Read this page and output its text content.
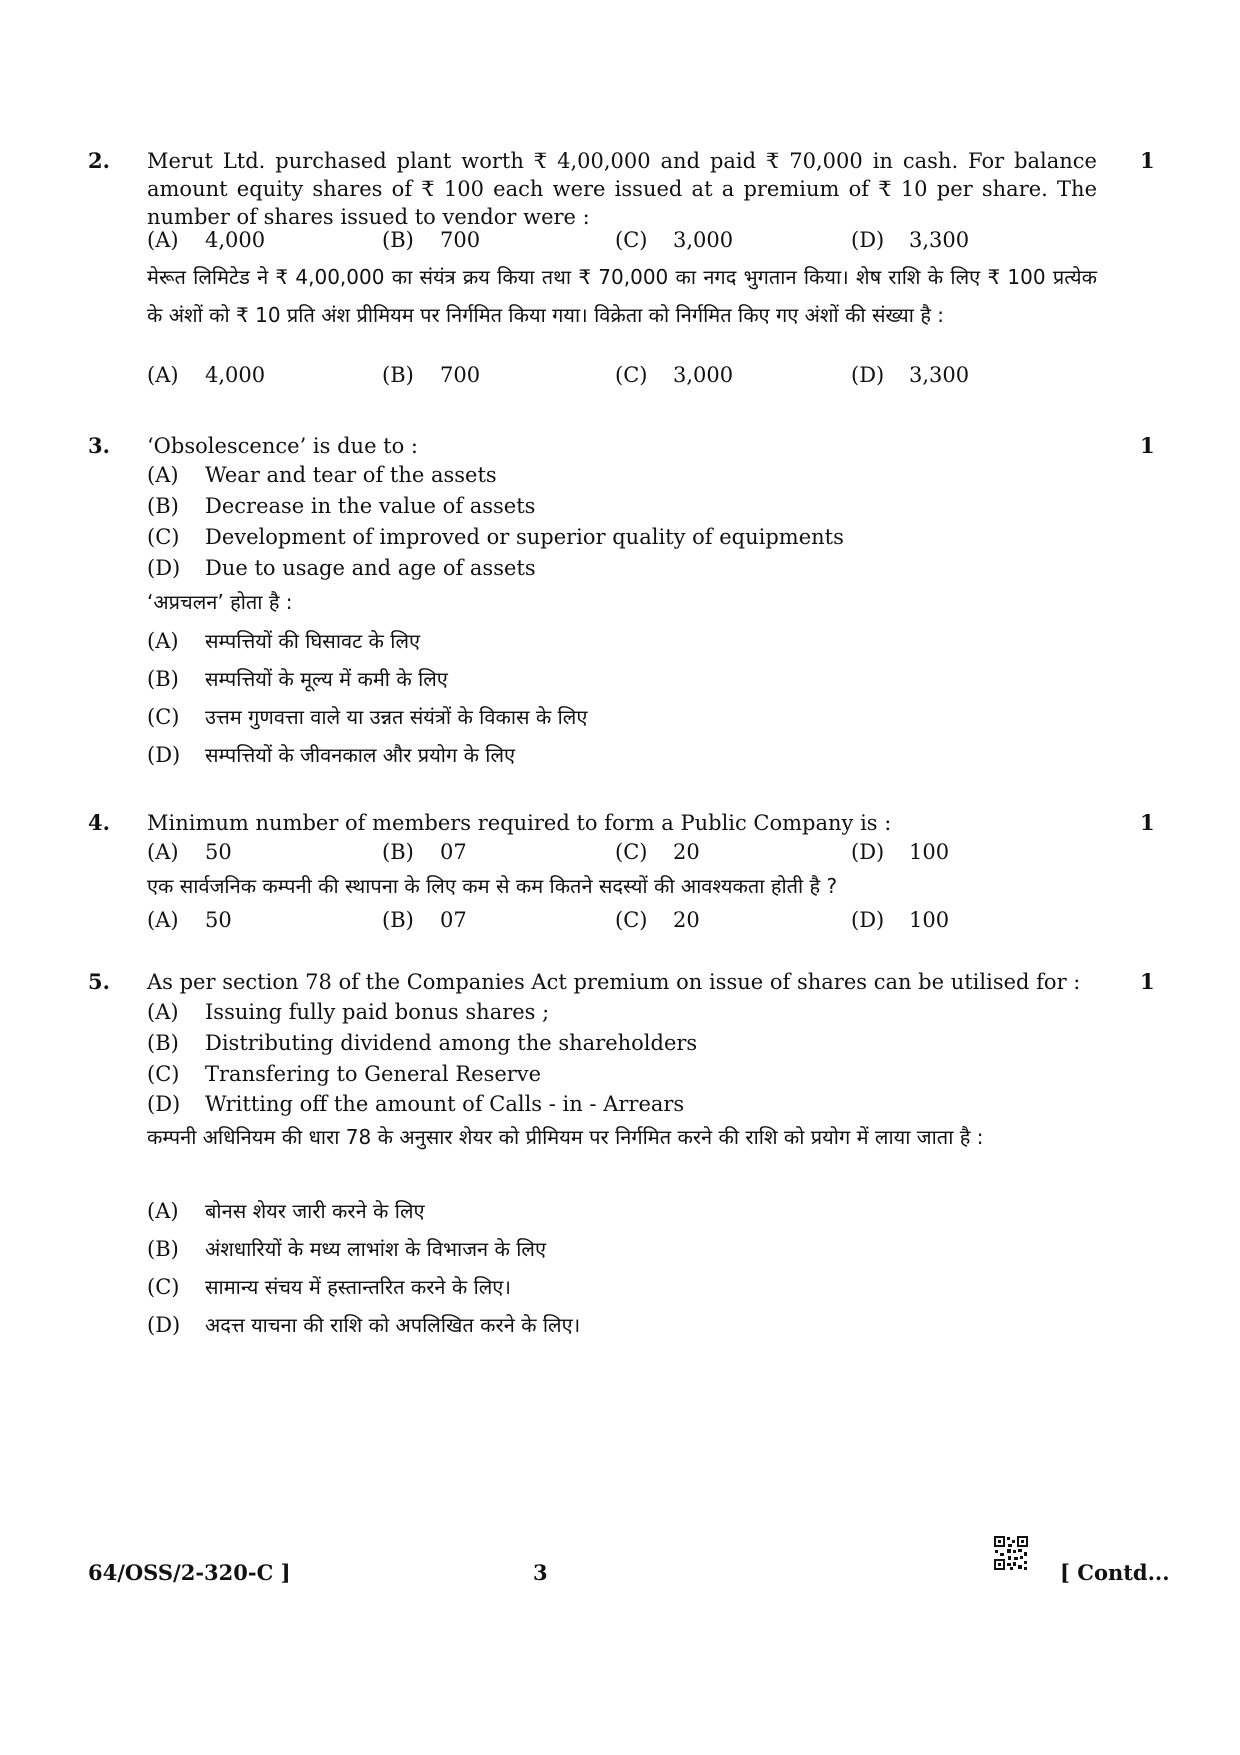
2.	1
Merut Ltd. purchased plant worth ₹ 4,00,000 and paid ₹ 70,000 in cash. For balance amount equity shares of ₹ 100 each were issued at a premium of ₹ 10 per share. The number of shares issued to vendor were :
(A) 4,000	(B) 700	(C) 3,000	(D) 3,300
मेरूत लिमिटेड ने ₹ 4,00,000 का संयंत्र क्रय किया तथा ₹ 70,000 का नगद भुगतान किया। शेष राशि के लिए ₹ 100 प्रत्येक के अंशों को ₹ 10 प्रति अंश प्रीमियम पर निर्गमित किया गया। विक्रेता को निर्गमित किए गए अंशों की संख्या है :
(A) 4,000	(B) 700	(C) 3,000	(D) 3,300
3.	1
‘Obsolescence’ is due to :
(A) Wear and tear of the assets
(B) Decrease in the value of assets
(C) Development of improved or superior quality of equipments
(D) Due to usage and age of assets
‘अप्रचलन’ होता है :
(A) सम्पत्तियों की घिसावट के लिए
(B) सम्पत्तियों के मूल्य में कमी के लिए
(C) उत्तम गुणवत्ता वाले या उन्नत संयंत्रों के विकास के लिए
(D) सम्पत्तियों के जीवनकाल और प्रयोग के लिए
4.	1
Minimum number of members required to form a Public Company is :
(A) 50	(B) 07	(C) 20	(D) 100
एक सार्वजनिक कम्पनी की स्थापना के लिए कम से कम कितने सदस्यों की आवश्यकता होती है ?
(A) 50	(B) 07	(C) 20	(D) 100
5.	1
As per section 78 of the Companies Act premium on issue of shares can be utilised for :
(A) Issuing fully paid bonus shares ;
(B) Distributing dividend among the shareholders
(C) Transfering to General Reserve
(D) Writting off the amount of Calls - in - Arrears
कम्पनी अधिनियम की धारा 78 के अनुसार शेयर को प्रीमियम पर निर्गमित करने की राशि को प्रयोग में लाया जाता है :
(A) बोनस शेयर जारी करने के लिए
(B) अंशधारियों के मध्य लाभांश के विभाजन के लिए
(C) सामान्य संचय में हस्तान्तरित करने के लिए।
(D) अदत्त याचना की राशि को अपलिखित करने के लिए।
64/OSS/2-320-C ]	3	[ Contd...
